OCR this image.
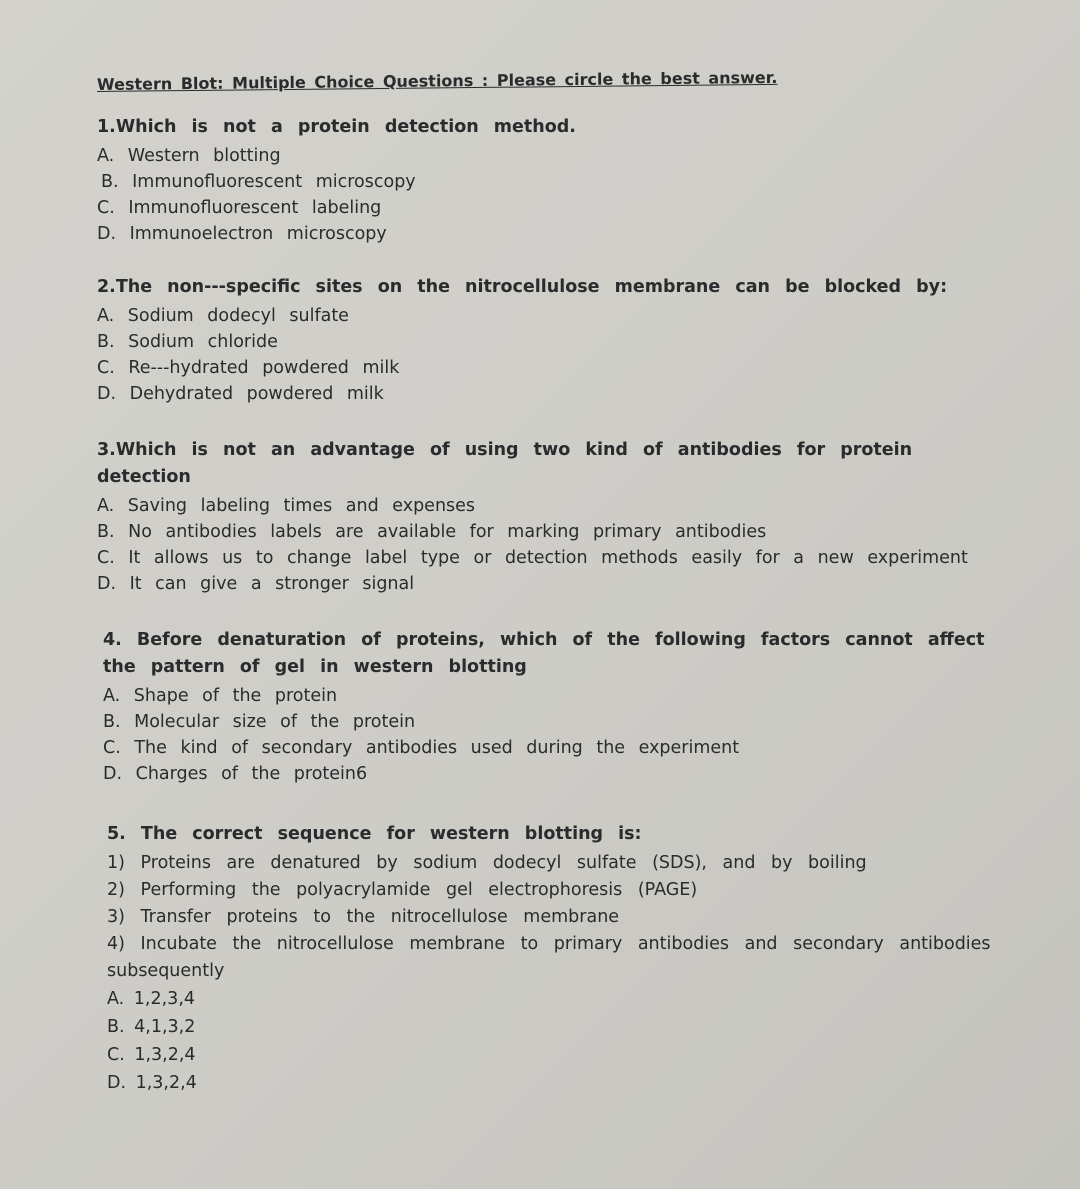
Western Blot: Multiple Choice Questions : Please circle the best answer.
1.Which is not a protein detection method.
A. Western blotting
B. Immunofluorescent microscopy
C. Immunofluorescent labeling
D. Immunoelectron microscopy
2.The non---specific sites on the nitrocellulose membrane can be blocked by:
A. Sodium dodecyl sulfate
B. Sodium chloride
C. Re---hydrated powdered milk
D. Dehydrated powdered milk
3.Which is not an advantage of using two kind of antibodies for protein detection
A. Saving labeling times and expenses
B. No antibodies labels are available for marking primary antibodies
C. It allows us to change label type or detection methods easily for a new experiment
D. It can give a stronger signal
4. Before denaturation of proteins, which of the following factors cannot affect the pattern of gel in western blotting
A. Shape of the protein
B. Molecular size of the protein
C. The kind of secondary antibodies used during the experiment
D. Charges of the protein6
5. The correct sequence for western blotting is:
1) Proteins are denatured by sodium dodecyl sulfate (SDS), and by boiling
2) Performing the polyacrylamide gel electrophoresis (PAGE)
3) Transfer proteins to the nitrocellulose membrane
4) Incubate the nitrocellulose membrane to primary antibodies and secondary antibodies subsequently
A. 1,2,3,4
B. 4,1,3,2
C. 1,3,2,4
D. 1,3,2,4
